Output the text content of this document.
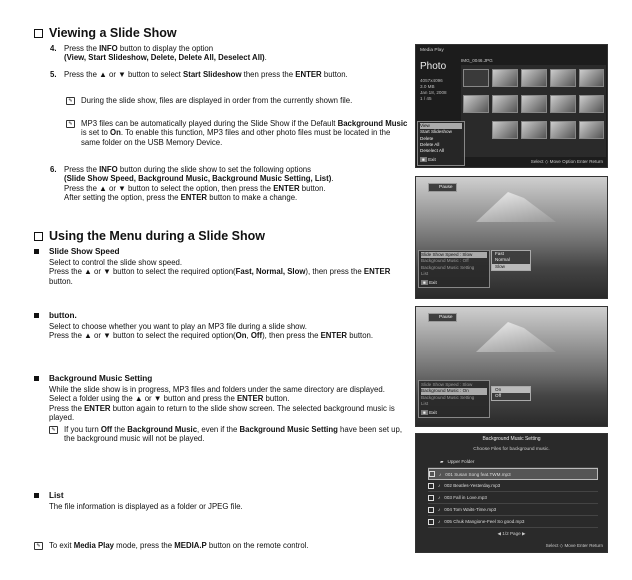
Viewing a Slide Show
4. Press the INFO button to display the option
(View, Start Slideshow, Delete, Delete All, Deselect All).
5. Press the ▲ or ▼ button to select Start Slideshow then press the ENTER button.
✎	During the slide show, files are displayed in order from the currently shown file.
✎	MP3 files can be automatically played during the Slide Show if the Default Background Music is set to On. To enable this function, MP3 files and other photo files must be located in the same folder on the USB Memory Device.
6. Press the INFO button during the slide show to set the following options
(Slide Show Speed, Background Music, Background Music Setting, List).
Press the ▲ or ▼ button to select the option, then press the ENTER button.
After setting the option, press the ENTER button to make a change.
Using the Menu during a Slide Show
Slide Show Speed
Select to control the slide show speed.
Press the ▲ or ▼ button to select the required option(Fast, Normal, Slow), then press the ENTER button.
button.
Select to choose whether you want to play an MP3 file during a slide show.
Press the ▲ or ▼ button to select the required option(On, Off), then press the ENTER button.
Background Music Setting
While the slide show is in progress, MP3 files and folders under the same directory are displayed.
Select a folder using the ▲ or ▼ button and press the ENTER button.
Press the ENTER button again to return to the slide show screen. The selected background music is played.
✎	If you turn Off the Background Music, even if the Background Music Setting have been set up, the background music will not be played.
List
The file information is displayed as a folder or JPEG file.
✎	To exit Media Play mode, press the MEDIA.P button on the remote control.
Media Play
Photo
4057x4096
3.0 MB
Jan 18, 2008
1 / 45
IMG_0046.JPG
View
Start Slideshow
Delete
Delete All
Deselect All
■ Exit	Select ◇ Move Option Enter Return
Pause
Slide Show Speed : Slow
Background Music : Off
Background Music Setting
List
■ Exit
Fast
Normal
Slow
Pause
Slide Show Speed : Slow
Background Music : On
Background Music Setting
List
■ Exit
On
Off
Background Music Setting
Choose Files for background music.
▰ Upper Folder
♪ 001 Susan Song feat.TWM.mp3
♪ 002 Beatles-Yesterday.mp3
♪ 003 Fall in Love.mp3
♪ 004 Tom Waits-Time.mp3
♪ 005 Chuk Mangione-Feel So good.mp3
◀ 1/2 Page ▶
Select ◇ Move Enter Return
